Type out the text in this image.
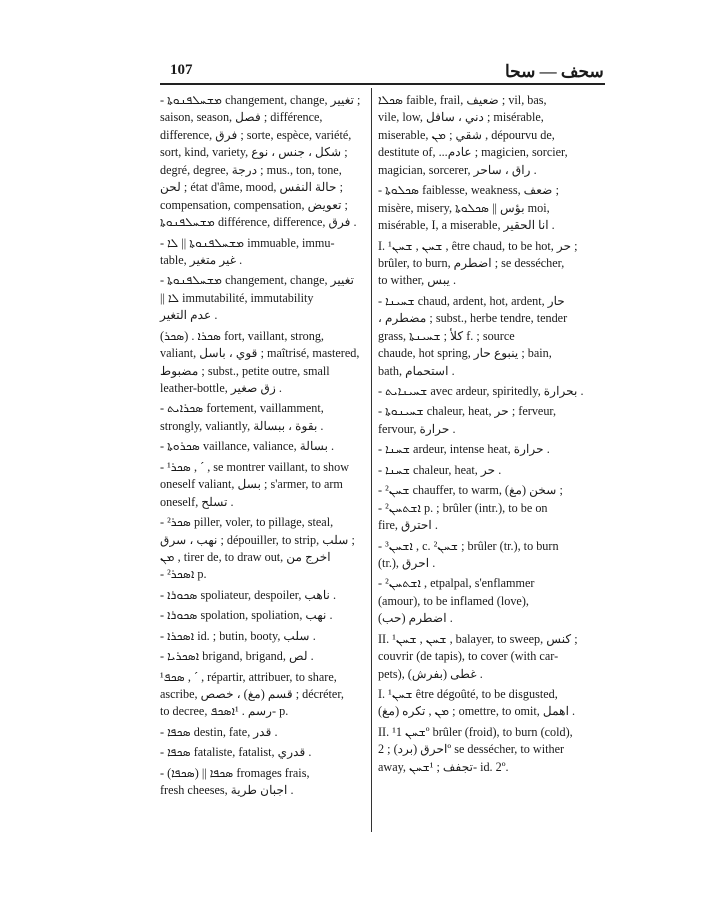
107	سحف — سحا
- ܡܫܚܠܦܢܘܬܐ changement, change, تغيير ;
saison, season, فصل ; différence,
difference, فرق ; sorte, espèce, variété,
sort, kind, variety, شكل ، جنس ، نوع ;
degré, degree, درجة ; mus., ton, tone,
لحن ; état d'âme, mood, حالة النفس ;
compensation, compensation, تعويض ;
ܡܫܚܠܦܢܘܬܐ différence, difference, فرق .
- ܡܫܚܠܦܢܘܬܐ || ܠܐ immuable, immu-
table, غير متغير .
- ܡܫܚܠܦܢܘܬܐ changement, change, تغيير
|| ܠܐ immutabilité, immutability
عدم التغير .
(ܣܟܪ) . ܣܟܪܐ fort, vaillant, strong,
valiant, قوي ، باسل ; maîtrisé, mastered,
مضبوط ; subst., petite outre, small
leather-bottle, زق صغير .
- ܣܟܪܐܝܬ fortement, vaillamment,
strongly, valiantly, بقوة ، ببسالة .
- ܣܟܪܘܬܐ vaillance, valiance, بسالة .
- ¹ܣܟܪ , ´ , se montrer vaillant, to show
oneself valiant, بسل ; s'armer, to arm
oneself, تسلح .
- ²ܣܟܪ piller, voler, to pillage, steal,
نهب ، سرق ; dépouiller, to strip, سلب ;
ܡܢ , tirer de, to draw out, اخرج من
- ²ܐܣܟܪ p.
- ܣܟܘܪܐ spoliateur, despoiler, ناهب .
- ܣܟܘܪܐ spolation, spoliation, نهب .
- ܐܣܟܪܐ id. ; butin, booty, سلب .
- ܐܣܟܪܝܐ brigand, brigand, لص .
¹ܣܟܦ , ´ , répartir, attribuer, to share,
ascribe, قسم (مغ) ، خصص ; décréter,
to decree, رسم . ¹ܐܣܟܦ- p.
- ܣܟܦܐ destin, fate, قدر .
- ܣܟܦܐ fataliste, fatalist, قدري .
- (ܣܟܦܐ) || ܣܟܦܐ fromages frais,
fresh cheeses, اجبان طرية .
ܣܟܠܐ faible, frail, ضعيف ; vil, bas,
vile, low, دني ، سافل ; misérable,
miserable, شقي ; ܡܢ , dépourvu de,
destitute of, ...عادم ; magicien, sorcier,
magician, sorcerer, راق ، ساحر .
- ܣܟܠܘܬܐ faiblesse, weakness, ضعف ;
misère, misery, بؤس || ܣܟܠܘܬܐ moi,
misérable, I, a miserable, انا الحقير .
I. ¹ܫܚܢ , ܫܚܢ , être chaud, to be hot, حر ;
brûler, to burn, اضطرم ; se dessécher,
to wither, يبس .
- ܫܚܝܢܐ chaud, ardent, hot, ardent, حار
، مضطرم ; subst., herbe tendre, tender
grass, كلأ ; ܫܚܝܢܬܐ f. ; source
chaude, hot spring, ينبوع حار ; bain,
bath, استحمام .
- ܫܚܝܢܐܝܬ avec ardeur, spiritedly, بحرارة .
- ܫܚܝܢܘܬܐ chaleur, heat, حر ; ferveur,
fervour, حرارة .
- ܫܚܢܐ ardeur, intense heat, حرارة .
- ܫܚܢܐ chaleur, heat, حر .
- ²ܫܚܢ chauffer, to warm, (مغ) سخن ;
- ²ܐܫܬܚܢ p. ; brûler (intr.), to be on
fire, احترق .
- ³ܐܫܚܢ , c. ²ܫܚܢ ; brûler (tr.), to burn
(tr.), احرق .
- ²ܐܫܬܚܢ , etpalpal, s'enflammer
(amour), to be inflamed (love),
اضطرم (حب) .
II. ¹ܫܚܢ , ܫܚܢ , balayer, to sweep, كنس ;
couvrir (de tapis), to cover (with car-
pets), (بفرش) غطى .
I. ¹ܫܚܢ être dégoûté, to be disgusted,
ܡܢ , تكره (مغ) ; omettre, to omit, اهمل .
II. ¹ܫܚܢ 1º brûler (froid), to burn (cold),
احرق (برد) ; 2º se dessécher, to wither
away, تجفف ; ¹ܫܚܢ- id. 2º.
